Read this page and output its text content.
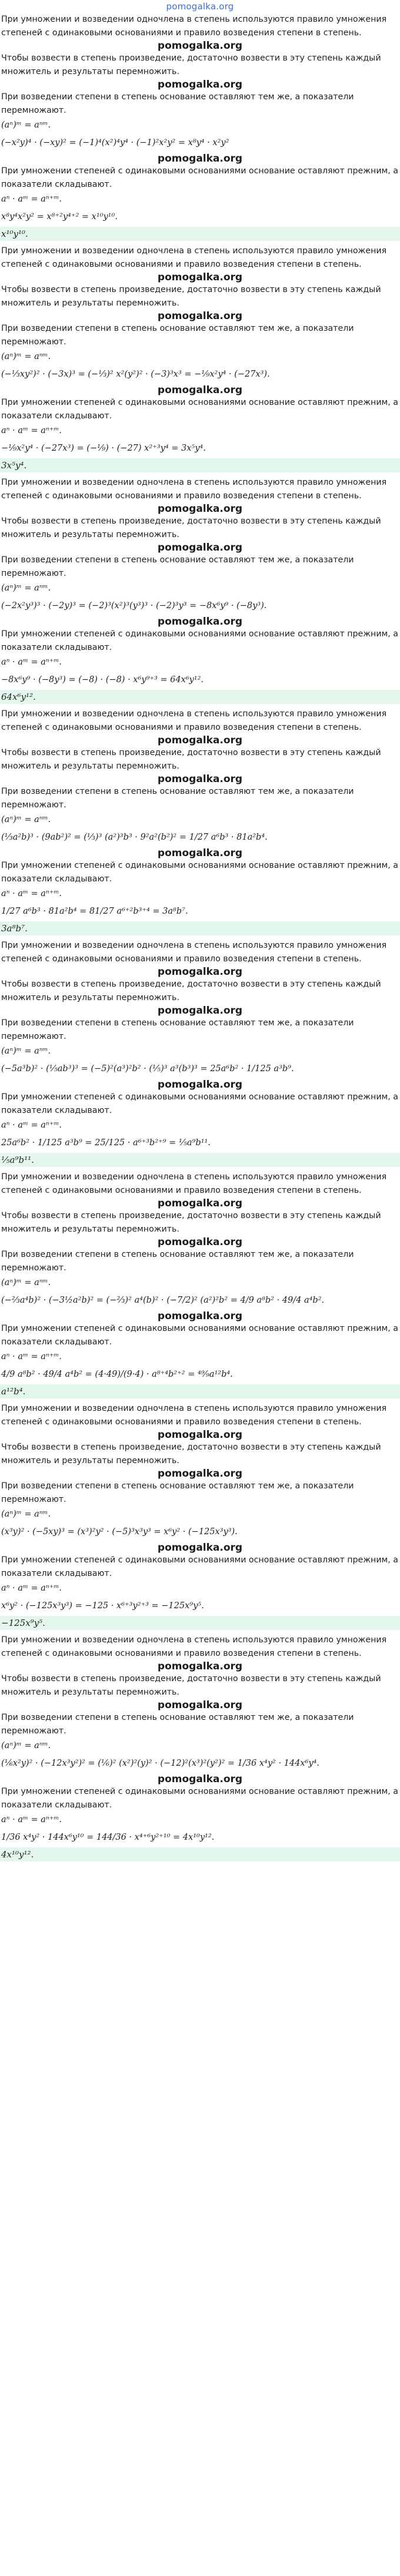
pomogalka.org
При умножении и возведении одночлена в степень используются правило умножения степеней с одинаковыми основаниями и правило возведения степени в степень.
pomogalka.org
Чтобы возвести в степень произведение, достаточно возвести в эту степень каждый множитель и результаты перемножить.
pomogalka.org
При возведении степени в степень основание оставляют тем же, а показатели перемножают.
(aⁿ)ᵐ = aⁿᵐ.
(−x²y)⁴ · (−xy)² = (−1)⁴(x²)⁴y⁴ · (−1)²x²y² = x⁸y⁴ · x²y²
pomogalka.org
При умножении степеней с одинаковыми основаниями основание оставляют прежним, а показатели складывают.
aⁿ · aᵐ = aⁿ⁺ᵐ.
x⁸y⁴x²y² = x⁸⁺²y⁴⁺² = x¹⁰y¹⁰.
x¹⁰y¹⁰.
При умножении и возведении одночлена в степень используются правило умножения степеней с одинаковыми основаниями и правило возведения степени в степень.
pomogalka.org
Чтобы возвести в степень произведение, достаточно возвести в эту степень каждый множитель и результаты перемножить.
pomogalka.org
При возведении степени в степень основание оставляют тем же, а показатели перемножают.
(aⁿ)ᵐ = aⁿᵐ.
(−⅓xy²)² · (−3x)³ = (−⅓)² x²(y²)² · (−3)³x³ = −⅑x²y⁴ · (−27x³).
pomogalka.org
При умножении степеней с одинаковыми основаниями основание оставляют прежним, а показатели складывают.
aⁿ · aᵐ = aⁿ⁺ᵐ.
−⅑x²y⁴ · (−27x³) = (−⅑) · (−27) x²⁺³y⁴ = 3x⁵y⁴.
3x⁵y⁴.
При умножении и возведении одночлена в степень используются правило умножения степеней с одинаковыми основаниями и правило возведения степени в степень.
pomogalka.org
Чтобы возвести в степень произведение, достаточно возвести в эту степень каждый множитель и результаты перемножить.
pomogalka.org
При возведении степени в степень основание оставляют тем же, а показатели перемножают.
(aⁿ)ᵐ = aⁿᵐ.
(−2x²y³)³ · (−2y)³ = (−2)³(x²)³(y³)³ · (−2)³y³ = −8x⁶y⁹ · (−8y³).
pomogalka.org
При умножении степеней с одинаковыми основаниями основание оставляют прежним, а показатели складывают.
aⁿ · aᵐ = aⁿ⁺ᵐ.
−8x⁶y⁹ · (−8y³) = (−8) · (−8) · x⁶y⁹⁺³ = 64x⁶y¹².
64x⁶y¹².
При умножении и возведении одночлена в степень используются правило умножения степеней с одинаковыми основаниями и правило возведения степени в степень.
pomogalka.org
Чтобы возвести в степень произведение, достаточно возвести в эту степень каждый множитель и результаты перемножить.
pomogalka.org
При возведении степени в степень основание оставляют тем же, а показатели перемножают.
(aⁿ)ᵐ = aⁿᵐ.
(⅓a²b)³ · (9ab²)² = (⅓)³ (a²)³b³ · 9²a²(b²)² = 1/27 a⁶b³ · 81a²b⁴.
pomogalka.org
При умножении степеней с одинаковыми основаниями основание оставляют прежним, а показатели складывают.
aⁿ · aᵐ = aⁿ⁺ᵐ.
1/27 a⁶b³ · 81a²b⁴ = 81/27 a⁶⁺²b³⁺⁴ = 3a⁸b⁷.
3a⁸b⁷.
При умножении и возведении одночлена в степень используются правило умножения степеней с одинаковыми основаниями и правило возведения степени в степень.
pomogalka.org
Чтобы возвести в степень произведение, достаточно возвести в эту степень каждый множитель и результаты перемножить.
pomogalka.org
При возведении степени в степень основание оставляют тем же, а показатели перемножают.
(aⁿ)ᵐ = aⁿᵐ.
(−5a³b)² · (⅕ab³)³ = (−5)²(a³)²b² · (⅕)³ a³(b³)³ = 25a⁶b² · 1/125 a³b⁹.
pomogalka.org
При умножении степеней с одинаковыми основаниями основание оставляют прежним, а показатели складывают.
aⁿ · aᵐ = aⁿ⁺ᵐ.
25a⁶b² · 1/125 a³b⁹ = 25/125 · a⁶⁺³b²⁺⁹ = ⅕a⁹b¹¹.
⅕a⁹b¹¹.
При умножении и возведении одночлена в степень используются правило умножения степеней с одинаковыми основаниями и правило возведения степени в степень.
pomogalka.org
Чтобы возвести в степень произведение, достаточно возвести в эту степень каждый множитель и результаты перемножить.
pomogalka.org
При возведении степени в степень основание оставляют тем же, а показатели перемножают.
(aⁿ)ᵐ = aⁿᵐ.
(−⅔a⁴b)² · (−3½a²b)² = (−⅔)² a⁴(b)² · (−7/2)² (a²)²b² = 4/9 a⁸b² · 49/4 a⁴b².
pomogalka.org
При умножении степеней с одинаковыми основаниями основание оставляют прежним, а показатели складывают.
aⁿ · aᵐ = aⁿ⁺ᵐ.
4/9 a⁸b² · 49/4 a⁴b² = (4·49)/(9·4) · a⁸⁺⁴b²⁺² = ⁴⁹⁄₉a¹²b⁴.
a¹²b⁴.
При умножении и возведении одночлена в степень используются правило умножения степеней с одинаковыми основаниями и правило возведения степени в степень.
pomogalka.org
Чтобы возвести в степень произведение, достаточно возвести в эту степень каждый множитель и результаты перемножить.
pomogalka.org
При возведении степени в степень основание оставляют тем же, а показатели перемножают.
(aⁿ)ᵐ = aⁿᵐ.
(x³y)² · (−5xy)³ = (x³)²y² · (−5)³x³y³ = x⁶y² · (−125x³y³).
pomogalka.org
При умножении степеней с одинаковыми основаниями основание оставляют прежним, а показатели складывают.
aⁿ · aᵐ = aⁿ⁺ᵐ.
x⁶y² · (−125x³y³) = −125 · x⁶⁺³y²⁺³ = −125x⁹y⁵.
−125x⁹y⁵.
При умножении и возведении одночлена в степень используются правило умножения степеней с одинаковыми основаниями и правило возведения степени в степень.
pomogalka.org
Чтобы возвести в степень произведение, достаточно возвести в эту степень каждый множитель и результаты перемножить.
pomogalka.org
При возведении степени в степень основание оставляют тем же, а показатели перемножают.
(aⁿ)ᵐ = aⁿᵐ.
(⅙x²y)² · (−12x³y²)² = (⅙)² (x²)²(y)² · (−12)²(x³)²(y²)² = 1/36 x⁴y² · 144x⁶y⁴.
pomogalka.org
При умножении степеней с одинаковыми основаниями основание оставляют прежним, а показатели складывают.
aⁿ · aᵐ = aⁿ⁺ᵐ.
1/36 x⁴y² · 144x⁶y¹⁰ = 144/36 · x⁴⁺⁶y²⁺¹⁰ = 4x¹⁰y¹².
4x¹⁰y¹².
